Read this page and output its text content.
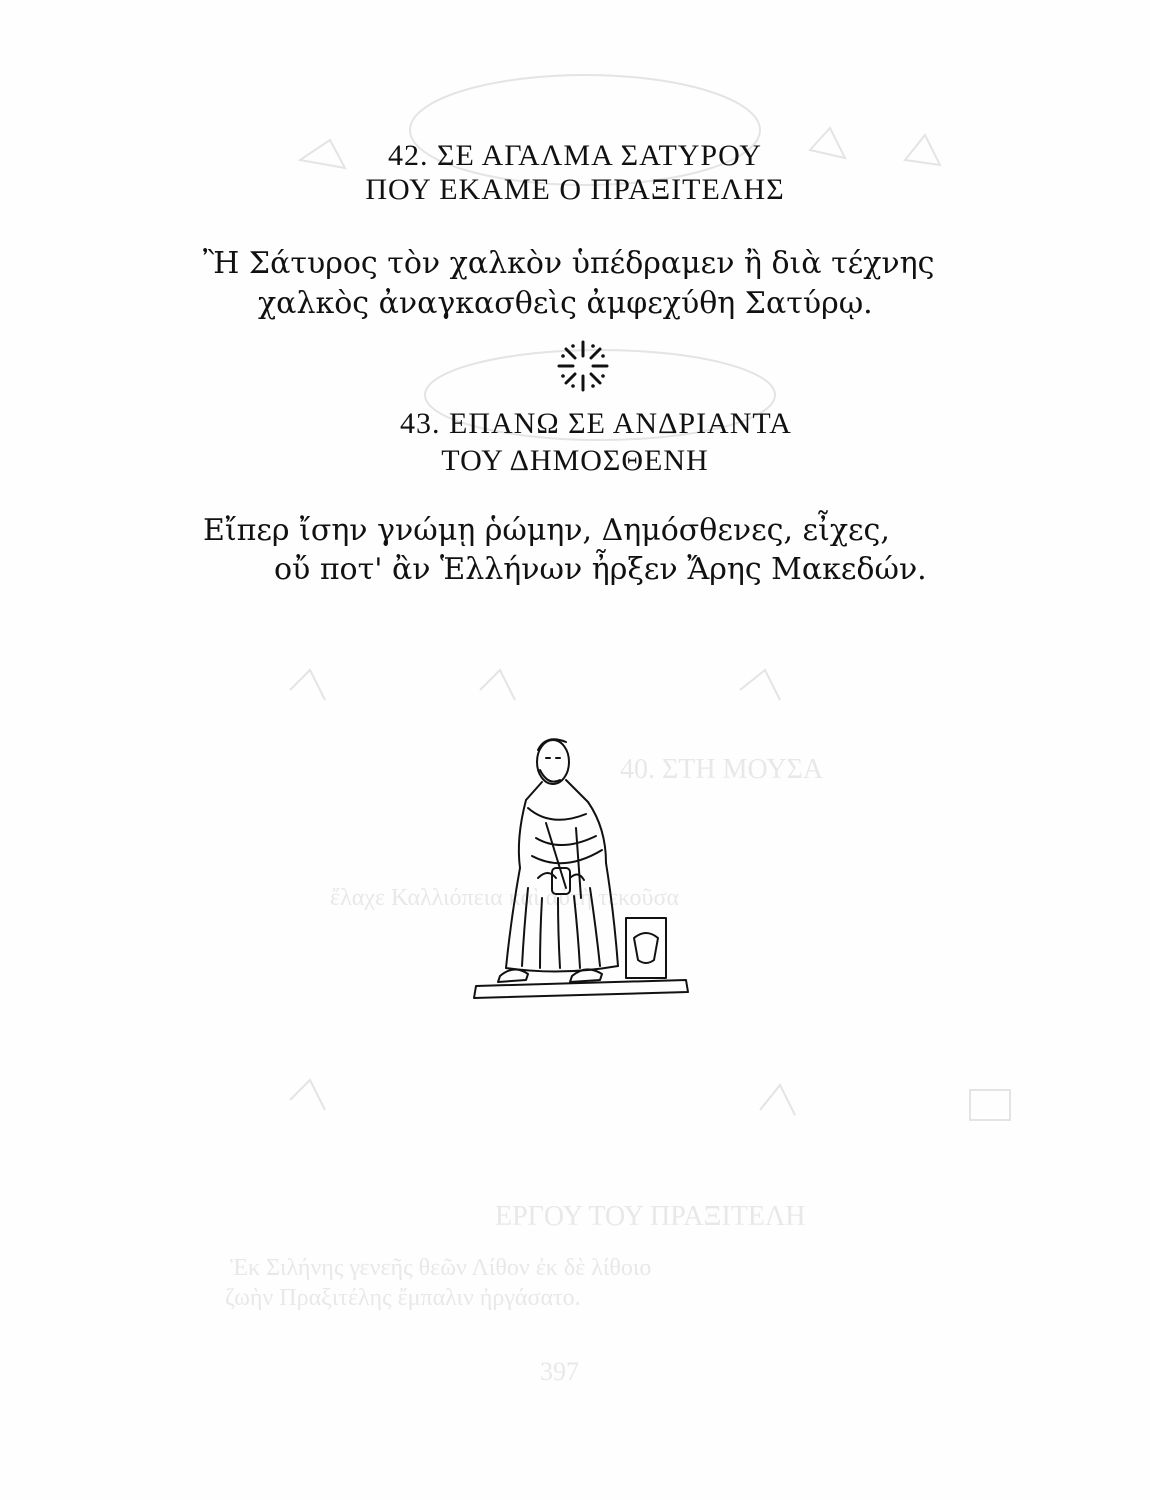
40. ΣΤΗ ΜΟΥΣΑ
ΕΡΓΟΥ ΤΟΥ ΠΡΑΞΙΤΕΛΗ
ἔλαχε Καλλιόπεια καὶ αὐτὴ τεκοῦσα
Ἐκ Σιλήνης γενεῆς θεῶν Λίθον ἐκ δὲ λίθοιο
ζωὴν Πραξιτέλης ἔμπαλιν ἠργάσατο.
397
42. ΣΕ ΑΓΑΛΜΑ ΣΑΤΥΡΟΥ
ΠΟΥ ΕΚΑΜΕ Ο ΠΡΑΞΙΤΕΛΗΣ
Ἢ Σάτυρος τὸν χαλκὸν ὑπέδραμεν ἢ διὰ τέχνης
χαλκὸς ἀναγκασθεὶς ἀμφεχύθη Σατύρῳ.
43. ΕΠΑΝΩ ΣΕ ΑΝΔΡΙΑΝΤΑ
ΤΟΥ ΔΗΜΟΣΘΕΝΗ
Εἴπερ ἴσην γνώμῃ ῥώμην, Δημόσθενες, εἶχες,
οὔ ποτ' ἂν Ἑλλήνων ἦρξεν Ἄρης Μακεδών.
